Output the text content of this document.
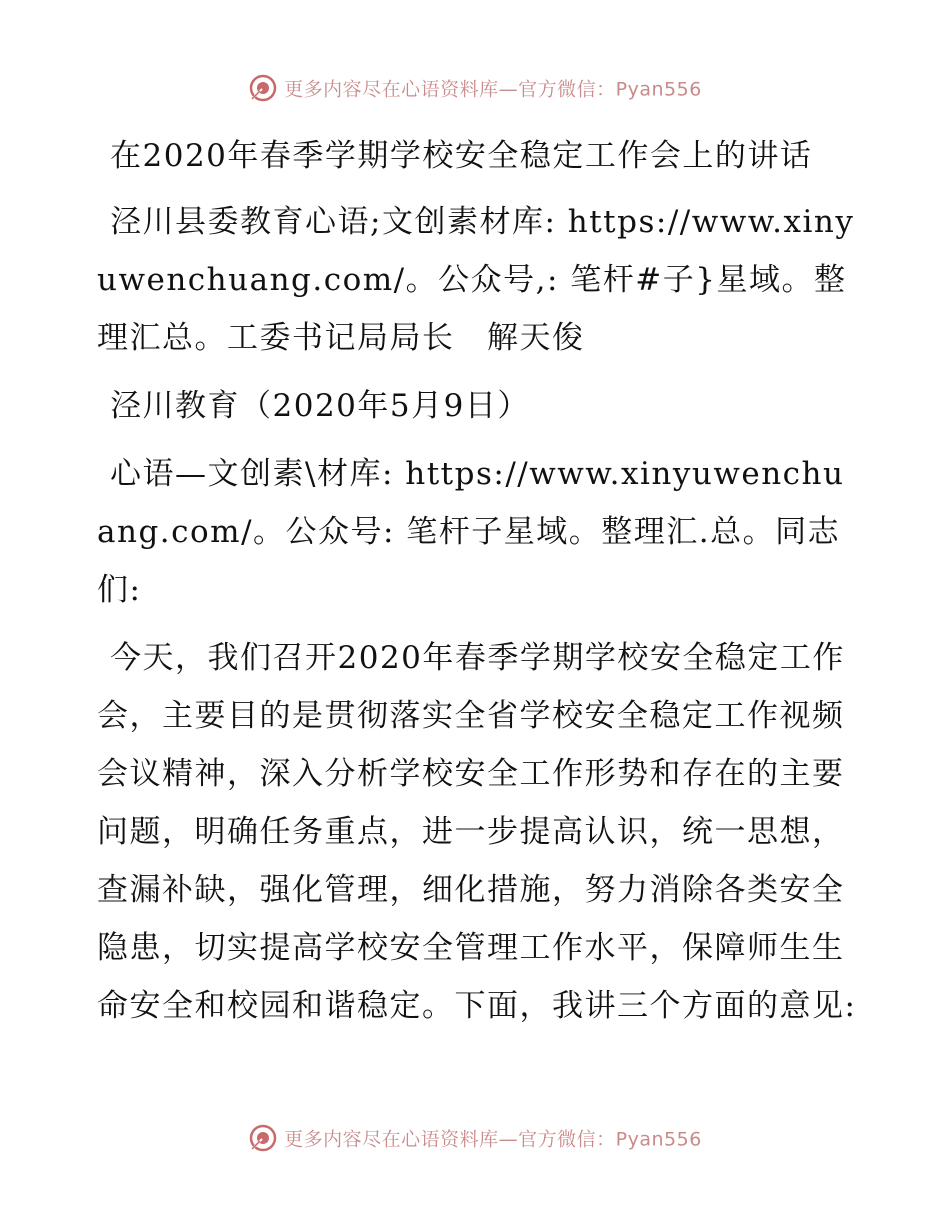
更多内容尽在心语资料库—官方微信：Pyan556

在2020年春季学期学校安全稳定工作会上的讲话

泾川县委教育心语;文创素材库: https://www.xinyuwenchuang.com/。公众号,: 笔杆#子}星域。整理汇总。工委书记局局长　解天俊

泾川教育（2020年5月9日）

心语—文创素\材库: https://www.xinyuwenchuang.com/。公众号: 笔杆子星域。整理汇.总。同志们:

今天，我们召开2020年春季学期学校安全稳定工作会，主要目的是贯彻落实全省学校安全稳定工作视频会议精神，深入分析学校安全工作形势和存在的主要问题，明确任务重点，进一步提高认识，统一思想，查漏补缺，强化管理，细化措施，努力消除各类安全隐患，切实提高学校安全管理工作水平，保障师生生命安全和校园和谐稳定。下面，我讲三个方面的意见:

更多内容尽在心语资料库—官方微信：Pyan556
